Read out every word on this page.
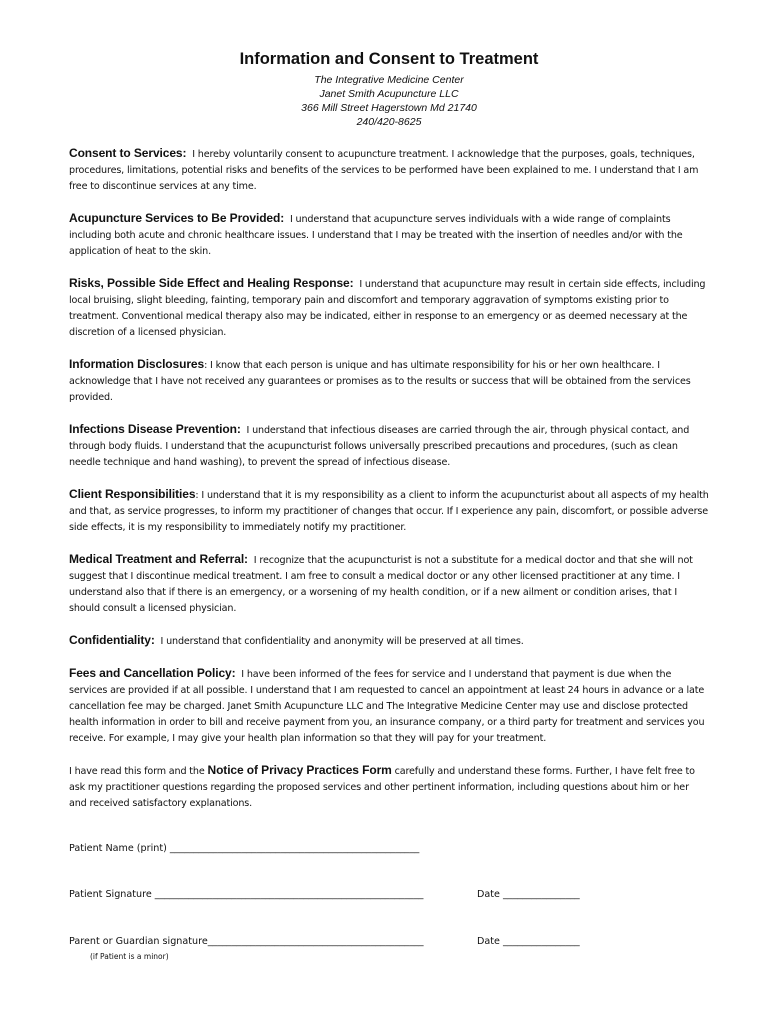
Information and Consent to Treatment
The Integrative Medicine Center
Janet Smith Acupuncture LLC
366 Mill Street Hagerstown Md 21740
240/420-8625

Consent to Services: I hereby voluntarily consent to acupuncture treatment. I acknowledge that the purposes, goals, techniques, procedures, limitations, potential risks and benefits of the services to be performed have been explained to me. I understand that I am free to discontinue services at any time.

Acupuncture Services to Be Provided: I understand that acupuncture serves individuals with a wide range of complaints including both acute and chronic healthcare issues. I understand that I may be treated with the insertion of needles and/or with the application of heat to the skin.

Risks, Possible Side Effect and Healing Response: I understand that acupuncture may result in certain side effects, including local bruising, slight bleeding, fainting, temporary pain and discomfort and temporary aggravation of symptoms existing prior to treatment. Conventional medical therapy also may be indicated, either in response to an emergency or as deemed necessary at the discretion of a licensed physician.

Information Disclosures: I know that each person is unique and has ultimate responsibility for his or her own healthcare. I acknowledge that I have not received any guarantees or promises as to the results or success that will be obtained from the services provided.

Infections Disease Prevention: I understand that infectious diseases are carried through the air, through physical contact, and through body fluids. I understand that the acupuncturist follows universally prescribed precautions and procedures, (such as clean needle technique and hand washing), to prevent the spread of infectious disease.

Client Responsibilities: I understand that it is my responsibility as a client to inform the acupuncturist about all aspects of my health and that, as service progresses, to inform my practitioner of changes that occur. If I experience any pain, discomfort, or possible adverse side effects, it is my responsibility to immediately notify my practitioner.

Medical Treatment and Referral: I recognize that the acupuncturist is not a substitute for a medical doctor and that she will not suggest that I discontinue medical treatment. I am free to consult a medical doctor or any other licensed practitioner at any time. I understand also that if there is an emergency, or a worsening of my health condition, or if a new ailment or condition arises, that I should consult a licensed physician.

Confidentiality: I understand that confidentiality and anonymity will be preserved at all times.

Fees and Cancellation Policy: I have been informed of the fees for service and I understand that payment is due when the services are provided if at all possible. I understand that I am requested to cancel an appointment at least 24 hours in advance or a late cancellation fee may be charged. Janet Smith Acupuncture LLC and The Integrative Medicine Center may use and disclose protected health information in order to bill and receive payment from you, an insurance company, or a third party for treatment and services you receive. For example, I may give your health plan information so that they will pay for your treatment.

I have read this form and the Notice of Privacy Practices Form carefully and understand these forms. Further, I have felt free to ask my practitioner questions regarding the proposed services and other pertinent information, including questions about him or her and received satisfactory explanations.

Patient Name (print) ____________________________________________________
Patient Signature ________________________________________________________	Date ________________
Parent or Guardian signature_____________________________________________	Date ________________
(if Patient is a minor)
